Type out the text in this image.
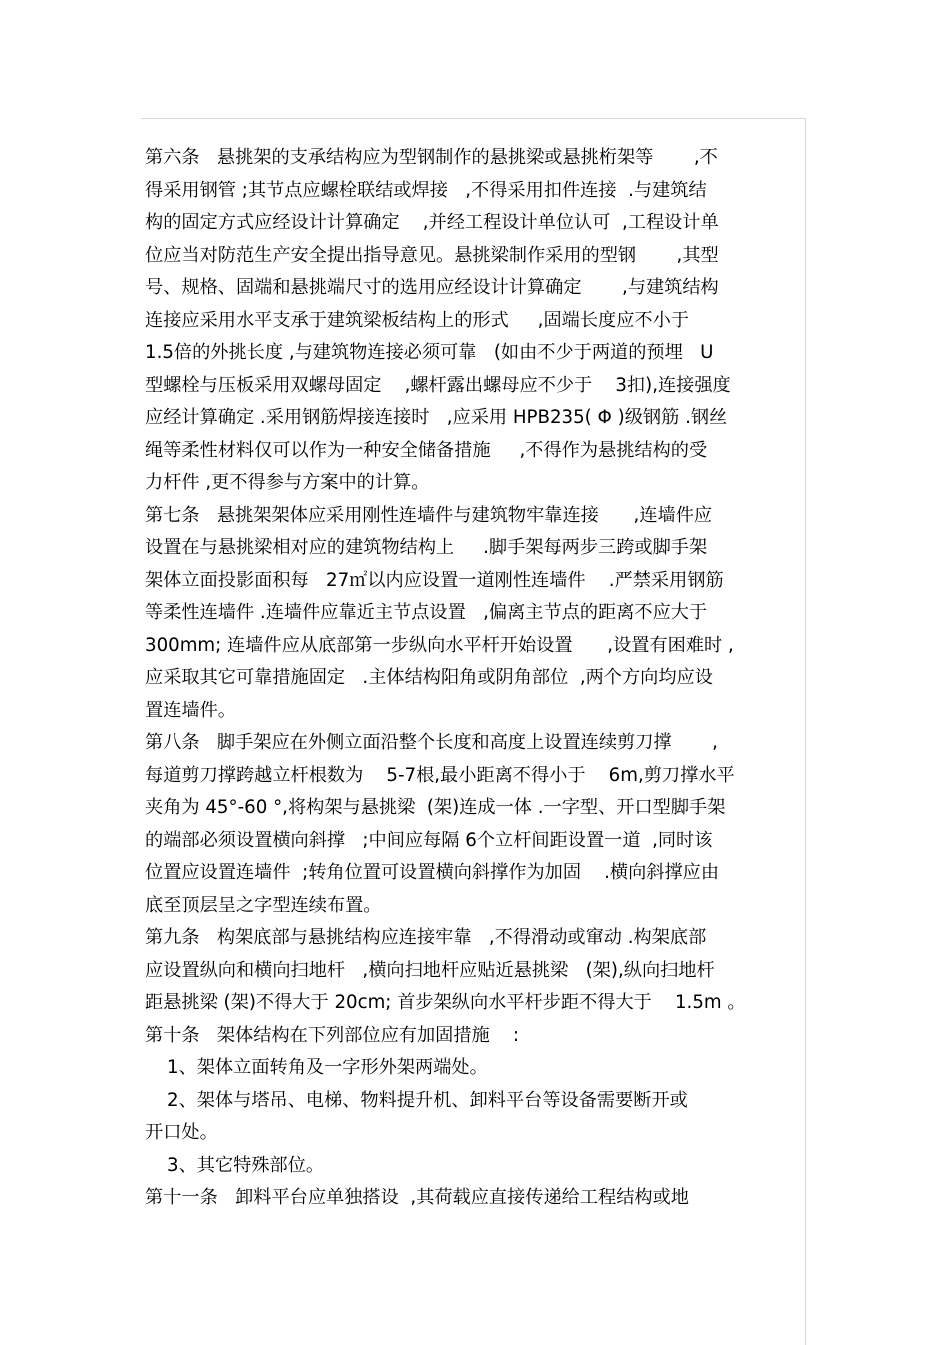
第六条   悬挑架的支承结构应为型钢制作的悬挑梁或悬挑桁架等       ,不
得采用钢管 ;其节点应螺栓联结或焊接   ,不得采用扣件连接  .与建筑结
构的固定方式应经设计计算确定    ,并经工程设计单位认可  ,工程设计单
位应当对防范生产安全提出指导意见。悬挑梁制作采用的型钢       ,其型
号、规格、固端和悬挑端尺寸的选用应经设计计算确定       ,与建筑结构
连接应采用水平支承于建筑梁板结构上的形式     ,固端长度应不小于
1.5倍的外挑长度 ,与建筑物连接必须可靠   (如由不少于两道的预埋   U
型螺栓与压板采用双螺母固定    ,螺杆露出螺母应不少于    3扣),连接强度
应经计算确定 .采用钢筋焊接连接时   ,应采用 HPB235( Φ )级钢筋 .钢丝
绳等柔性材料仅可以作为一种安全储备措施     ,不得作为悬挑结构的受
力杆件 ,更不得参与方案中的计算。
第七条   悬挑架架体应采用刚性连墙件与建筑物牢靠连接      ,连墙件应
设置在与悬挑梁相对应的建筑物结构上     .脚手架每两步三跨或脚手架
架体立面投影面积每   27㎡以内应设置一道刚性连墙件    .严禁采用钢筋
等柔性连墙件 .连墙件应靠近主节点设置   ,偏离主节点的距离不应大于
300mm; 连墙件应从底部第一步纵向水平杆开始设置      ,设置有困难时 ,
应采取其它可靠措施固定   .主体结构阳角或阴角部位  ,两个方向均应设
置连墙件。
第八条   脚手架应在外侧立面沿整个长度和高度上设置连续剪刀撑       ,
每道剪刀撑跨越立杆根数为    5-7根,最小距离不得小于    6m,剪刀撑水平
夹角为 45°-60 °,将构架与悬挑梁  (架)连成一体 .一字型、开口型脚手架
的端部必须设置横向斜撑   ;中间应每隔 6个立杆间距设置一道  ,同时该
位置应设置连墙件  ;转角位置可设置横向斜撑作为加固    .横向斜撑应由
底至顶层呈之字型连续布置。
第九条   构架底部与悬挑结构应连接牢靠   ,不得滑动或窜动 .构架底部
应设置纵向和横向扫地杆   ,横向扫地杆应贴近悬挑梁   (架),纵向扫地杆
距悬挑梁 (架)不得大于 20cm; 首步架纵向水平杆步距不得大于    1.5m 。
第十条   架体结构在下列部位应有加固措施    :
1、架体立面转角及一字形外架两端处。
2、架体与塔吊、电梯、物料提升机、卸料平台等设备需要断开或
开口处。
3、其它特殊部位。
第十一条   卸料平台应单独搭设  ,其荷载应直接传递给工程结构或地
